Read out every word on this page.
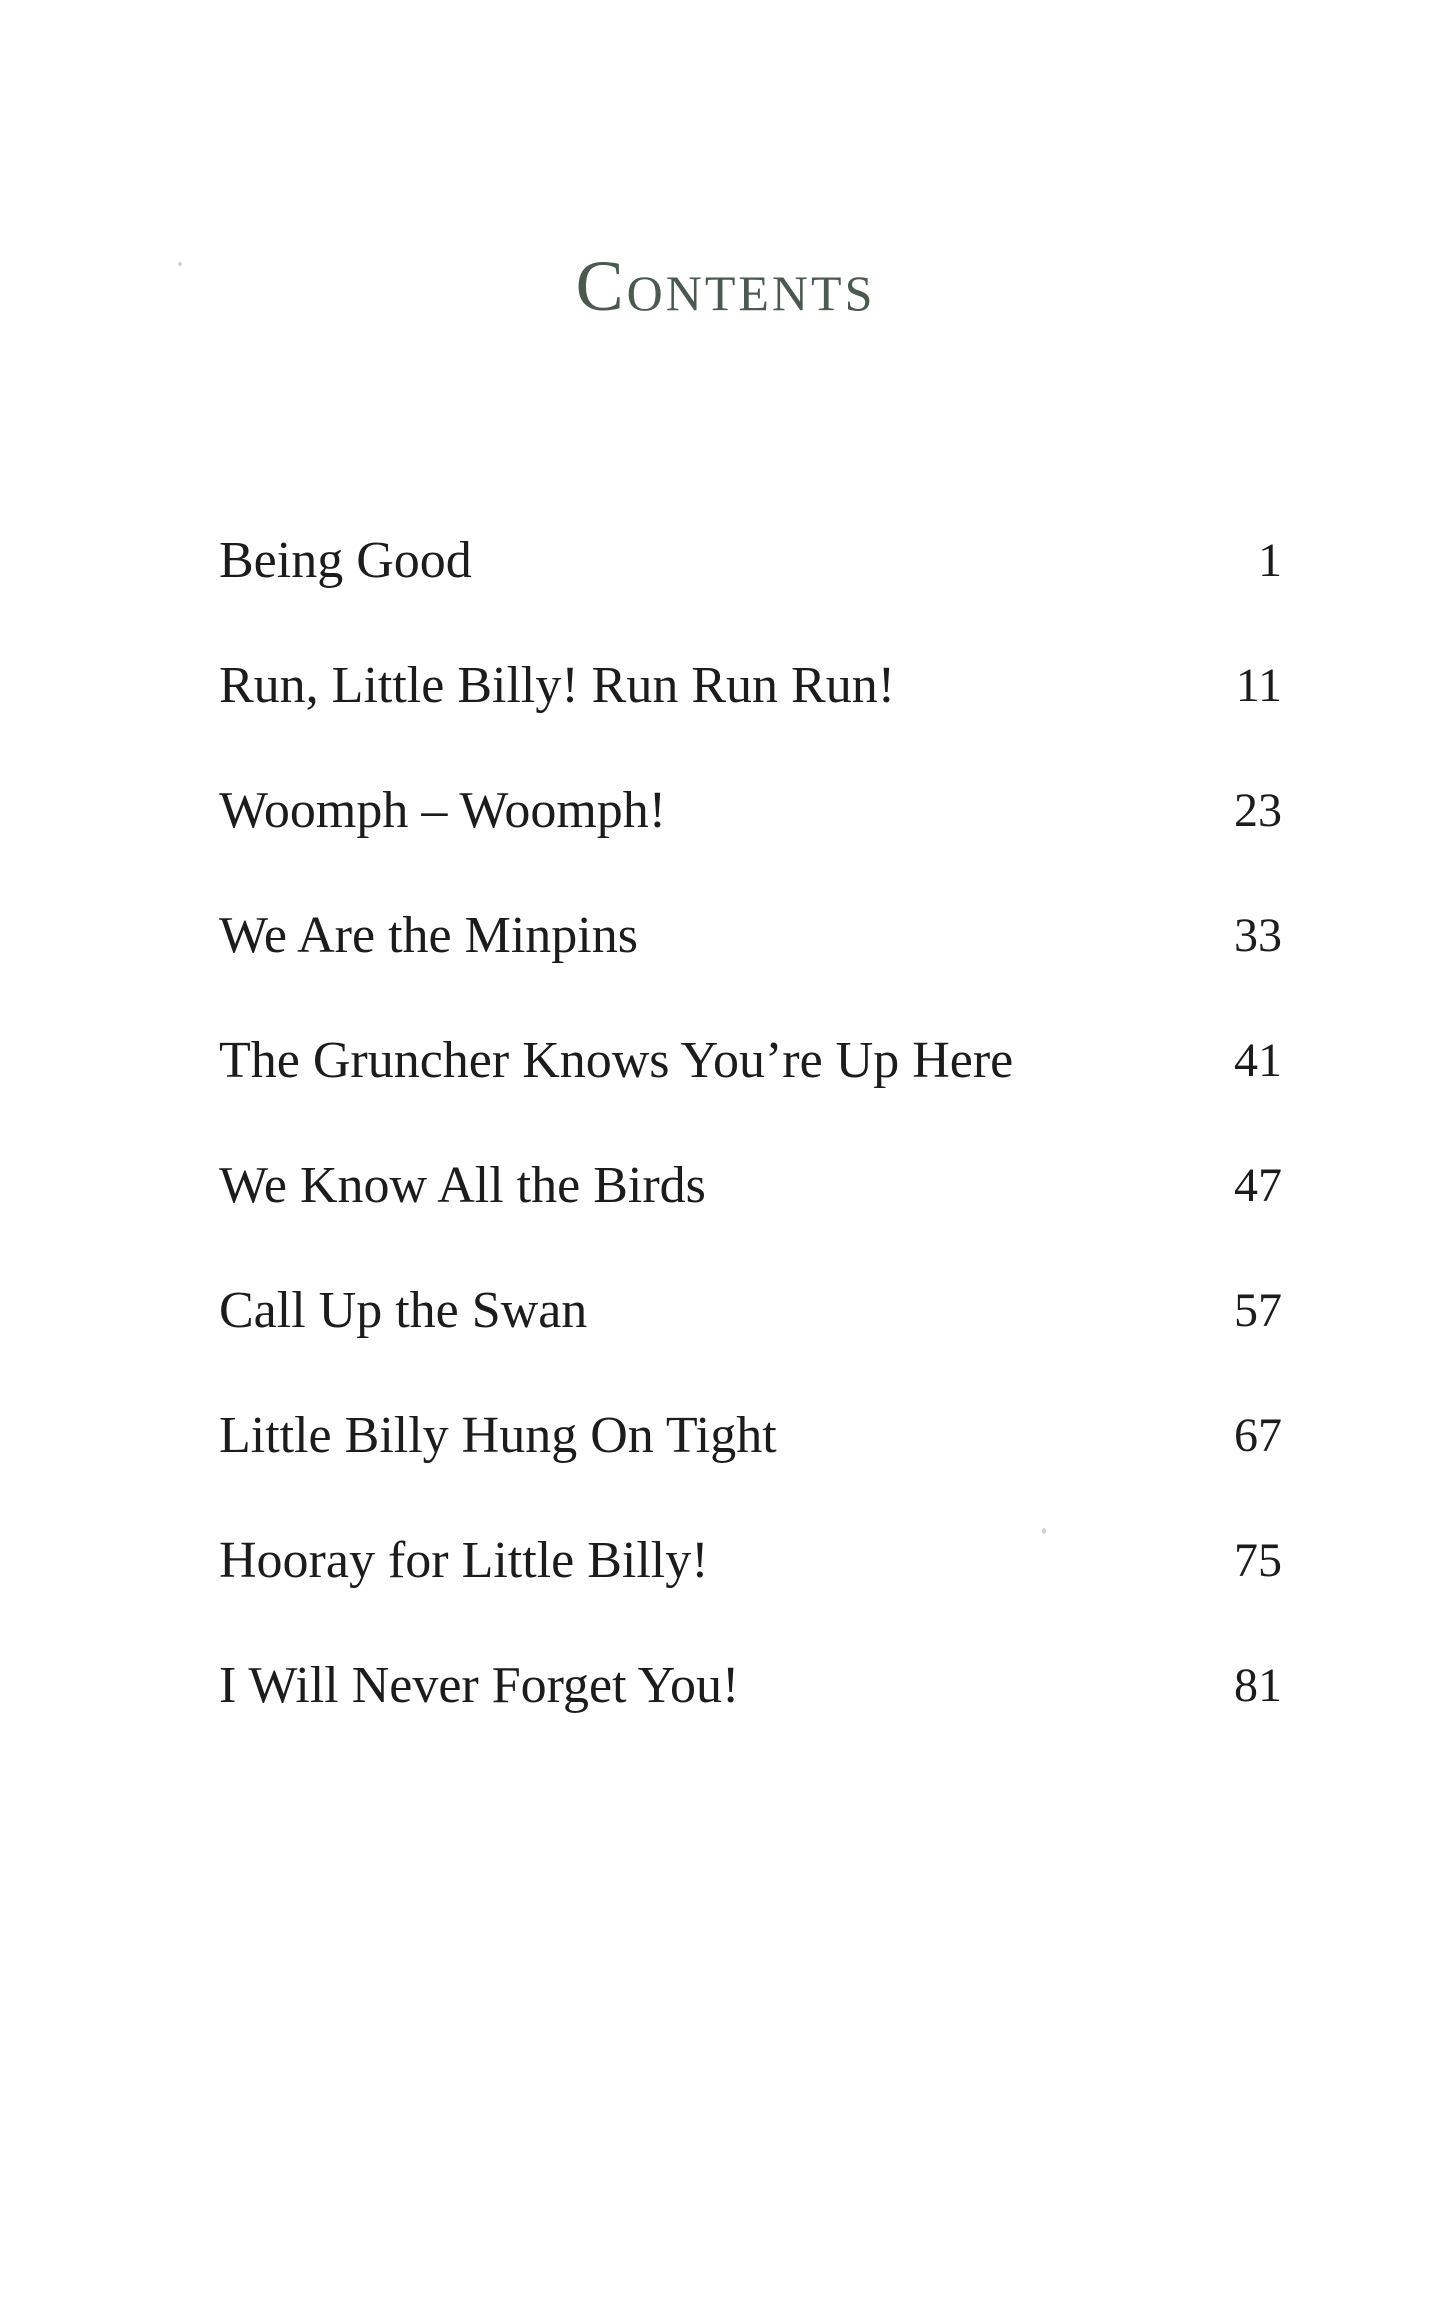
Contents
Being Good	1
Run, Little Billy! Run Run Run!	11
Woomph – Woomph!	23
We Are the Minpins	33
The Gruncher Knows You’re Up Here	41
We Know All the Birds	47
Call Up the Swan	57
Little Billy Hung On Tight	67
Hooray for Little Billy!	75
I Will Never Forget You!	81
